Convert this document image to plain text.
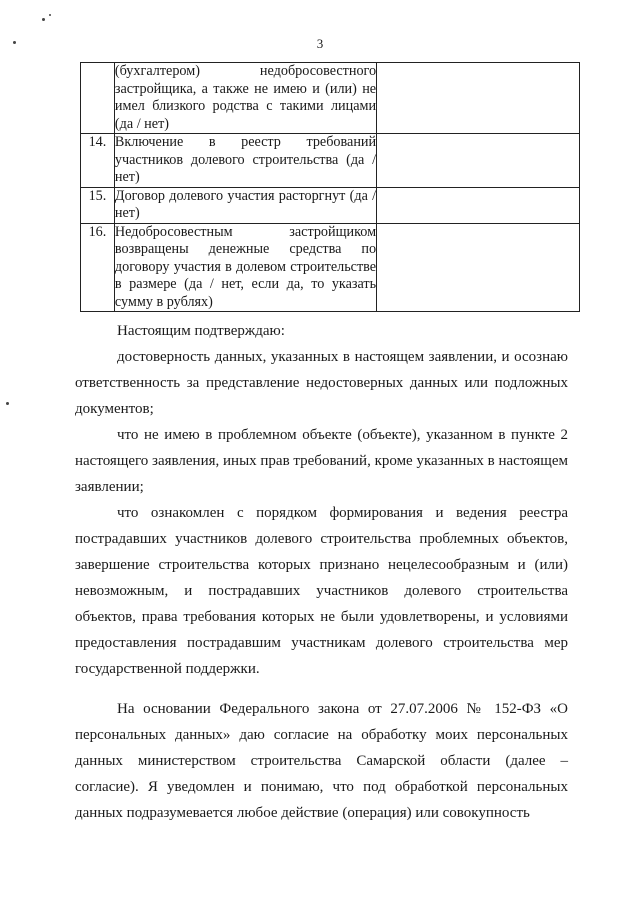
3
	(бухгалтером) недобросовестного застройщика, а также не имею и (или) не имел близкого родства с такими лицами (да / нет)	
14.	Включение в реестр требований участников долевого строительства (да / нет)	
15.	Договор долевого участия расторгнут (да / нет)	
16.	Недобросовестным застройщиком возвращены денежные средства по договору участия в долевом строительстве в размере (да / нет, если да, то указать сумму в рублях)	

Настоящим подтверждаю:

достоверность данных, указанных в настоящем заявлении, и осознаю ответственность за представление недостоверных данных или подложных документов;

что не имею в проблемном объекте (объекте), указанном в пункте 2 настоящего заявления, иных прав требований, кроме указанных в настоящем заявлении;

что ознакомлен с порядком формирования и ведения реестра пострадавших участников долевого строительства проблемных объектов, завершение строительства которых признано нецелесообразным и (или) невозможным, и пострадавших участников долевого строительства объектов, права требования которых не были удовлетворены, и условиями предоставления пострадавшим участникам долевого строительства мер государственной поддержки.

На основании Федерального закона от 27.07.2006 № 152-ФЗ «О персональных данных» даю согласие на обработку моих персональных данных министерством строительства Самарской области (далее – согласие). Я уведомлен и понимаю, что под обработкой персональных данных подразумевается любое действие (операция) или совокупность
